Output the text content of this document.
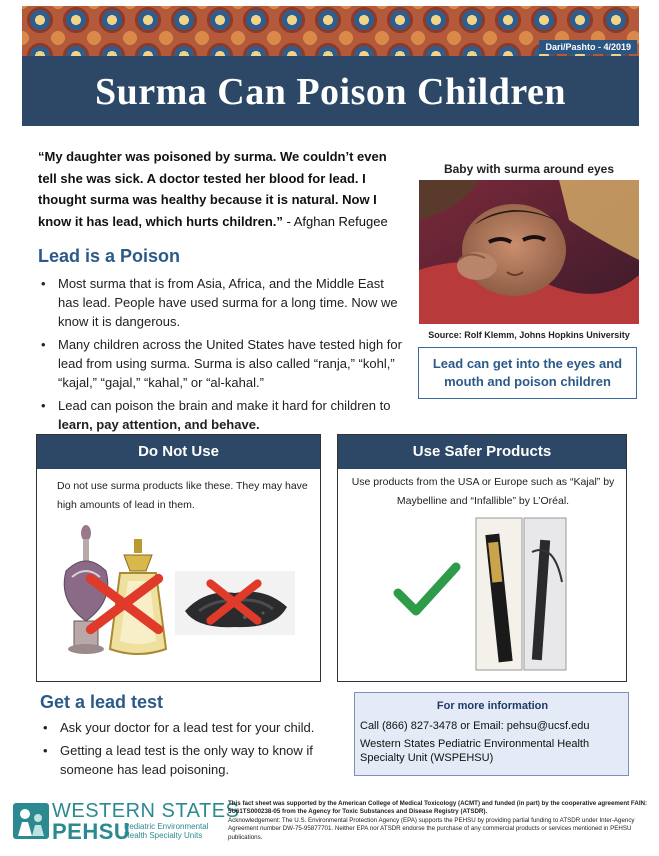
Dari/Pashto - 4/2019
Surma Can Poison Children

“My daughter was poisoned by surma. We couldn’t even tell she was sick. A doctor tested her blood for lead. I thought surma was healthy because it is natural. Now I know it has lead, which hurts children.” - Afghan Refugee

Baby with surma around eyes
Source: Rolf Klemm, Johns Hopkins University
Lead can get into the eyes and mouth and poison children
Lead is a Poison
• Most surma that is from Asia, Africa, and the Middle East has lead. People have used surma for a long time. Now we know it is dangerous.
• Many children across the United States have tested high for lead from using surma. Surma is also called “ranja,” “kohl,” “kajal,” “gajal,” “kahal,” or “al-kahal.”
• Lead can poison the brain and make it hard for children to learn, pay attention, and behave.
Do Not Use
Do not use surma products like these. They may have high amounts of lead in them.
Use Safer Products
Use products from the USA or Europe such as “Kajal” by Maybelline and “Infallible” by L’Oréal.
Get a lead test
• Ask your doctor for a lead test for your child.
• Getting a lead test is the only way to know if someone has lead poisoning.
For more information
Call (866) 827-3478 or Email: pehsu@ucsf.edu
Western States Pediatric Environmental Health Specialty Unit (WSPEHSU)
WESTERN STATES
PEHSU
Pediatric Environmental Health Specialty Units
This fact sheet was supported by the American College of Medical Toxicology (ACMT) and funded (in part) by the cooperative agreement FAIN: 5U61TS000238-05 from the Agency for Toxic Substances and Disease Registry (ATSDR).
Acknowledgement: The U.S. Environmental Protection Agency (EPA) supports the PEHSU by providing partial funding to ATSDR under Inter-Agency Agreement number DW-75-95877701. Neither EPA nor ATSDR endorse the purchase of any commercial products or services mentioned in PEHSU publications.
